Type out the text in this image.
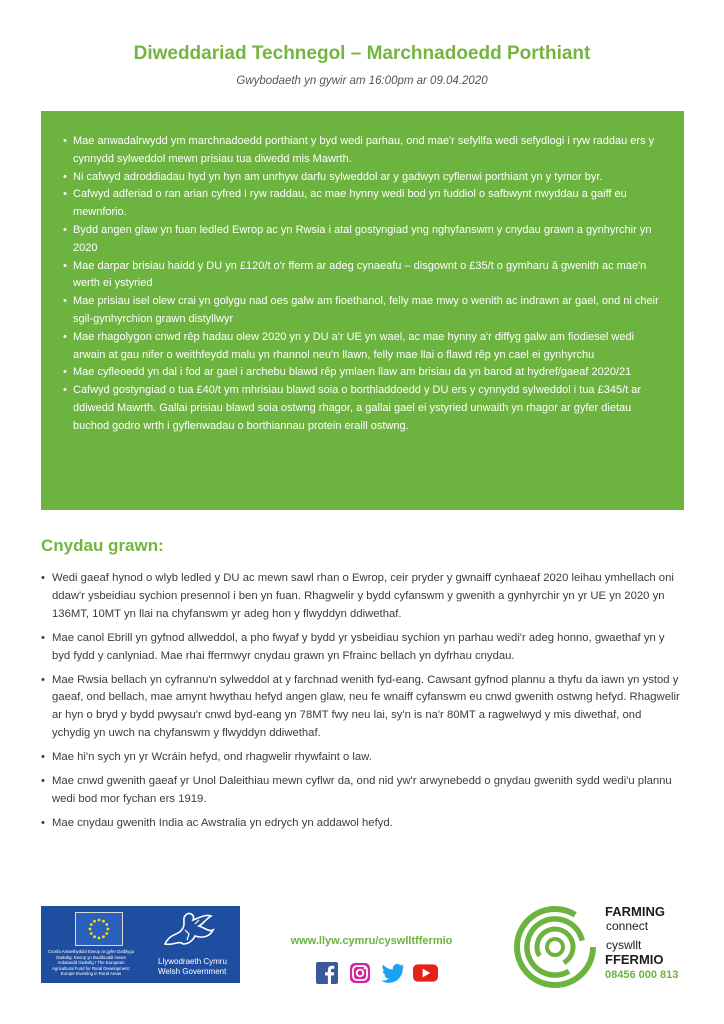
Diweddariad Technegol – Marchnadoedd Porthiant
Gwybodaeth yn gywir am 16:00pm ar 09.04.2020
• Mae anwadalrwydd ym marchnadoedd porthiant y byd wedi parhau, ond mae'r sefyllfa wedi sefydlogi i ryw raddau ers y cynnydd sylweddol mewn prisiau tua diwedd mis Mawrth.
• Ni cafwyd adroddiadau hyd yn hyn am unrhyw darfu sylweddol ar y gadwyn cyflenwi porthiant yn y tymor byr.
• Cafwyd adferiad o ran arian cyfred i ryw raddau, ac mae hynny wedi bod yn fuddiol o safbwynt nwyddau a gaiff eu mewnforio.
• Bydd angen glaw yn fuan ledled Ewrop ac yn Rwsia i atal gostyngiad yng nghyfanswm y cnydau grawn a gynhyrchir yn 2020
• Mae darpar brisiau haidd y DU yn £120/t o'r fferm ar adeg cynaeafu – disgownt o £35/t o gymharu â gwenith ac mae'n werth ei ystyried
• Mae prisiau isel olew crai yn golygu nad oes galw am fioethanol, felly mae mwy o wenith ac indrawn ar gael, ond ni cheir sgil-gynhyrchion grawn distyllwyr
• Mae rhagolygon cnwd rêp hadau olew 2020 yn y DU a'r UE yn wael, ac mae hynny a'r diffyg galw am fiodiesel wedi arwain at gau nifer o weithfeydd malu yn rhannol neu'n llawn, felly mae llai o flawd rêp yn cael ei gynhyrchu
• Mae cyfleoedd yn dal i fod ar gael i archebu blawd rêp ymlaen llaw am brisiau da yn barod at hydref/gaeaf 2020/21
• Cafwyd gostyngiad o tua £40/t ym mhrisiau blawd soia o borthladdoedd y DU ers y cynnydd sylweddol i tua £345/t ar ddiwedd Mawrth. Gallai prisiau blawd soia ostwng rhagor, a gallai gael ei ystyried unwaith yn rhagor ar gyfer dietau buchod godro wrth i gyflenwadau o borthiannau protein eraill ostwng.
Cnydau grawn:
• Wedi gaeaf hynod o wlyb ledled y DU ac mewn sawl rhan o Ewrop, ceir pryder y gwnaiff cynhaeaf 2020 leihau ymhellach oni ddaw'r ysbeidiau sychion presennol i ben yn fuan. Rhagwelir y bydd cyfanswm y gwenith a gynhyrchir yn yr UE yn 2020 yn 136MT, 10MT yn llai na chyfanswm yr adeg hon y flwyddyn ddiwethaf.
• Mae canol Ebrill yn gyfnod allweddol, a pho fwyaf y bydd yr ysbeidiau sychion yn parhau wedi'r adeg honno, gwaethaf yn y byd fydd y canlyniad. Mae rhai ffermwyr cnydau grawn yn Ffrainc bellach yn dyfrhau cnydau.
• Mae Rwsia bellach yn cyfrannu'n sylweddol at y farchnad wenith fyd-eang. Cawsant gyfnod plannu a thyfu da iawn yn ystod y gaeaf, ond bellach, mae amynt hwythau hefyd angen glaw, neu fe wnaiff cyfanswm eu cnwd gwenith ostwng hefyd. Rhagwelir ar hyn o bryd y bydd pwysau'r cnwd byd-eang yn 78MT fwy neu lai, sy'n is na'r 80MT a ragwelwyd y mis diwethaf, ond ychydig yn uwch na chyfanswm y flwyddyn ddiwethaf.
• Mae hi'n sych yn yr Wcráin hefyd, ond rhagwelir rhywfaint o law.
• Mae cnwd gwenith gaeaf yr Unol Daleithiau mewn cyflwr da, ond nid yw'r arwynebedd o gnydau gwenith sydd wedi'u plannu wedi bod mor fychan ers 1919.
• Mae cnydau gwenith India ac Awstralia yn edrych yn addawol hefyd.
Cronfa Amaethyddol Ewrop ar gyfer Datblygu Gwledig: Ewrop yn Buddsoddi mewn Ardaloedd Gwledig / The European Agricultural Fund for Rural Development: Europe Investing in Rural Areas
Llywodraeth Cymru
Welsh Government
www.llyw.cymru/cyswlltffermio
FARMING
connect
cyswllt
FFERMIO
08456 000 813
